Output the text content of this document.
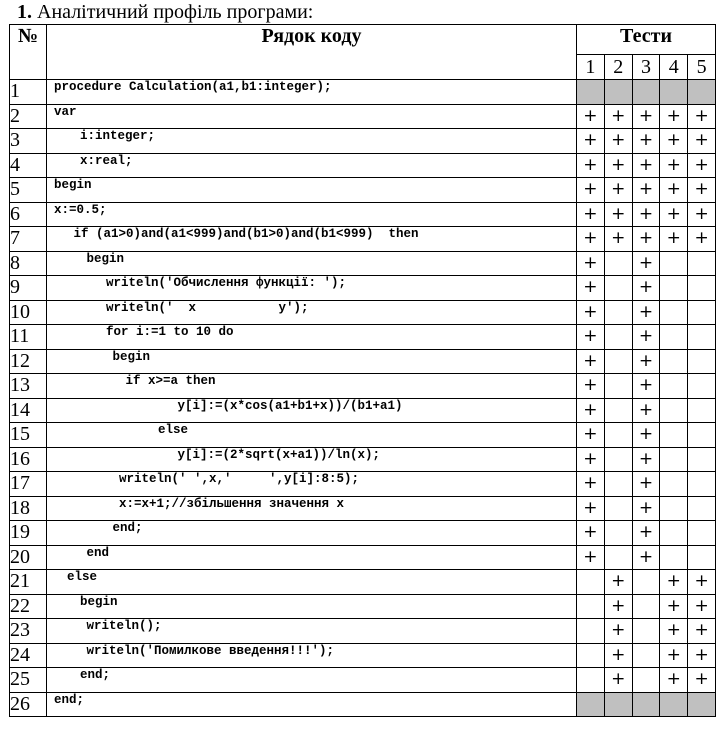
1. Аналітичний профіль програми:
№	Рядок коду	Тести				
		1	2	3	4	5
1	procedure Calculation(a1,b1:integer);					
2	var	+	+	+	+	+
3	i:integer;	+	+	+	+	+
4	x:real;	+	+	+	+	+
5	begin	+	+	+	+	+
6	x:=0.5;	+	+	+	+	+
7	if (a1>0)and(a1<999)and(b1>0)and(b1<999)  then	+	+	+	+	+
8	begin	+		+		
9	writeln('Обчислення функції: ');	+		+		
10	writeln('  x           y');	+		+		
11	for i:=1 to 10 do	+		+		
12	begin	+		+		
13	if x>=a then	+		+		
14	y[i]:=(x*cos(a1+b1+x))/(b1+a1)	+		+		
15	else	+		+		
16	y[i]:=(2*sqrt(x+a1))/ln(x);	+		+		
17	writeln(' ',x,'     ',y[i]:8:5);	+		+		
18	x:=x+1;//збільшення значення x	+		+		
19	end;	+		+		
20	end	+		+		
21	else		+		+	+
22	begin		+		+	+
23	writeln();		+		+	+
24	writeln('Помилкове введення!!!');		+		+	+
25	end;		+		+	+
26	end;					
